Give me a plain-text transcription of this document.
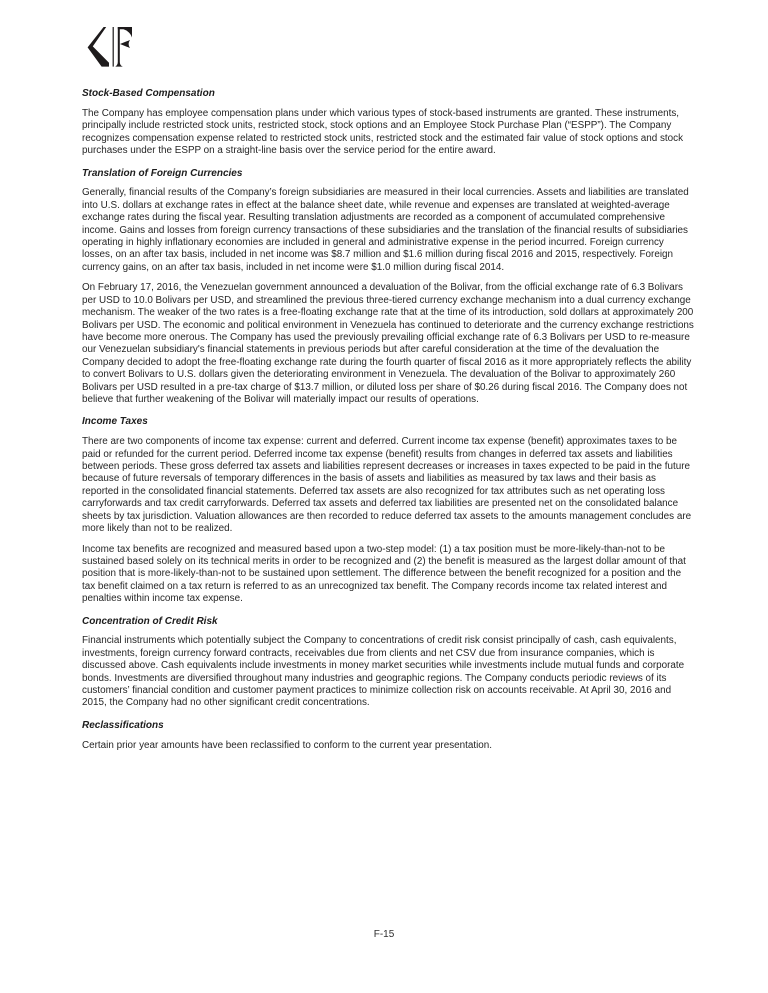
Stock-Based Compensation

The Company has employee compensation plans under which various types of stock-based instruments are granted. These instruments, principally include restricted stock units, restricted stock, stock options and an Employee Stock Purchase Plan (“ESPP”). The Company recognizes compensation expense related to restricted stock units, restricted stock and the estimated fair value of stock options and stock purchases under the ESPP on a straight-line basis over the service period for the entire award.

Translation of Foreign Currencies

Generally, financial results of the Company’s foreign subsidiaries are measured in their local currencies. Assets and liabilities are translated into U.S. dollars at exchange rates in effect at the balance sheet date, while revenue and expenses are translated at weighted-average exchange rates during the fiscal year. Resulting translation adjustments are recorded as a component of accumulated comprehensive income. Gains and losses from foreign currency transactions of these subsidiaries and the translation of the financial results of subsidiaries operating in highly inflationary economies are included in general and administrative expense in the period incurred. Foreign currency losses, on an after tax basis, included in net income was $8.7 million and $1.6 million during fiscal 2016 and 2015, respectively. Foreign currency gains, on an after tax basis, included in net income were $1.0 million during fiscal 2014.

On February 17, 2016, the Venezuelan government announced a devaluation of the Bolivar, from the official exchange rate of 6.3 Bolivars per USD to 10.0 Bolivars per USD, and streamlined the previous three-tiered currency exchange mechanism into a dual currency exchange mechanism. The weaker of the two rates is a free-floating exchange rate that at the time of its introduction, sold dollars at approximately 200 Bolivars per USD. The economic and political environment in Venezuela has continued to deteriorate and the currency exchange restrictions have become more onerous. The Company has used the previously prevailing official exchange rate of 6.3 Bolivars per USD to re-measure our Venezuelan subsidiary's financial statements in previous periods but after careful consideration at the time of the devaluation the Company decided to adopt the free-floating exchange rate during the fourth quarter of fiscal 2016 as it more appropriately reflects the ability to convert Bolivars to U.S. dollars given the deteriorating environment in Venezuela. The devaluation of the Bolivar to approximately 260 Bolivars per USD resulted in a pre-tax charge of $13.7 million, or diluted loss per share of $0.26 during fiscal 2016. The Company does not believe that further weakening of the Bolivar will materially impact our results of operations.

Income Taxes

There are two components of income tax expense: current and deferred. Current income tax expense (benefit) approximates taxes to be paid or refunded for the current period. Deferred income tax expense (benefit) results from changes in deferred tax assets and liabilities between periods. These gross deferred tax assets and liabilities represent decreases or increases in taxes expected to be paid in the future because of future reversals of temporary differences in the basis of assets and liabilities as measured by tax laws and their basis as reported in the consolidated financial statements. Deferred tax assets are also recognized for tax attributes such as net operating loss carryforwards and tax credit carryforwards. Deferred tax assets and deferred tax liabilities are presented net on the consolidated balance sheets by tax jurisdiction. Valuation allowances are then recorded to reduce deferred tax assets to the amounts management concludes are more likely than not to be realized.

Income tax benefits are recognized and measured based upon a two-step model: (1) a tax position must be more-likely-than-not to be sustained based solely on its technical merits in order to be recognized and (2) the benefit is measured as the largest dollar amount of that position that is more-likely-than-not to be sustained upon settlement. The difference between the benefit recognized for a position and the tax benefit claimed on a tax return is referred to as an unrecognized tax benefit. The Company records income tax related interest and penalties within income tax expense.

Concentration of Credit Risk

Financial instruments which potentially subject the Company to concentrations of credit risk consist principally of cash, cash equivalents, investments, foreign currency forward contracts, receivables due from clients and net CSV due from insurance companies, which is discussed above. Cash equivalents include investments in money market securities while investments include mutual funds and corporate bonds. Investments are diversified throughout many industries and geographic regions. The Company conducts periodic reviews of its customers’ financial condition and customer payment practices to minimize collection risk on accounts receivable. At April 30, 2016 and 2015, the Company had no other significant credit concentrations.

Reclassifications

Certain prior year amounts have been reclassified to conform to the current year presentation.

F-15
